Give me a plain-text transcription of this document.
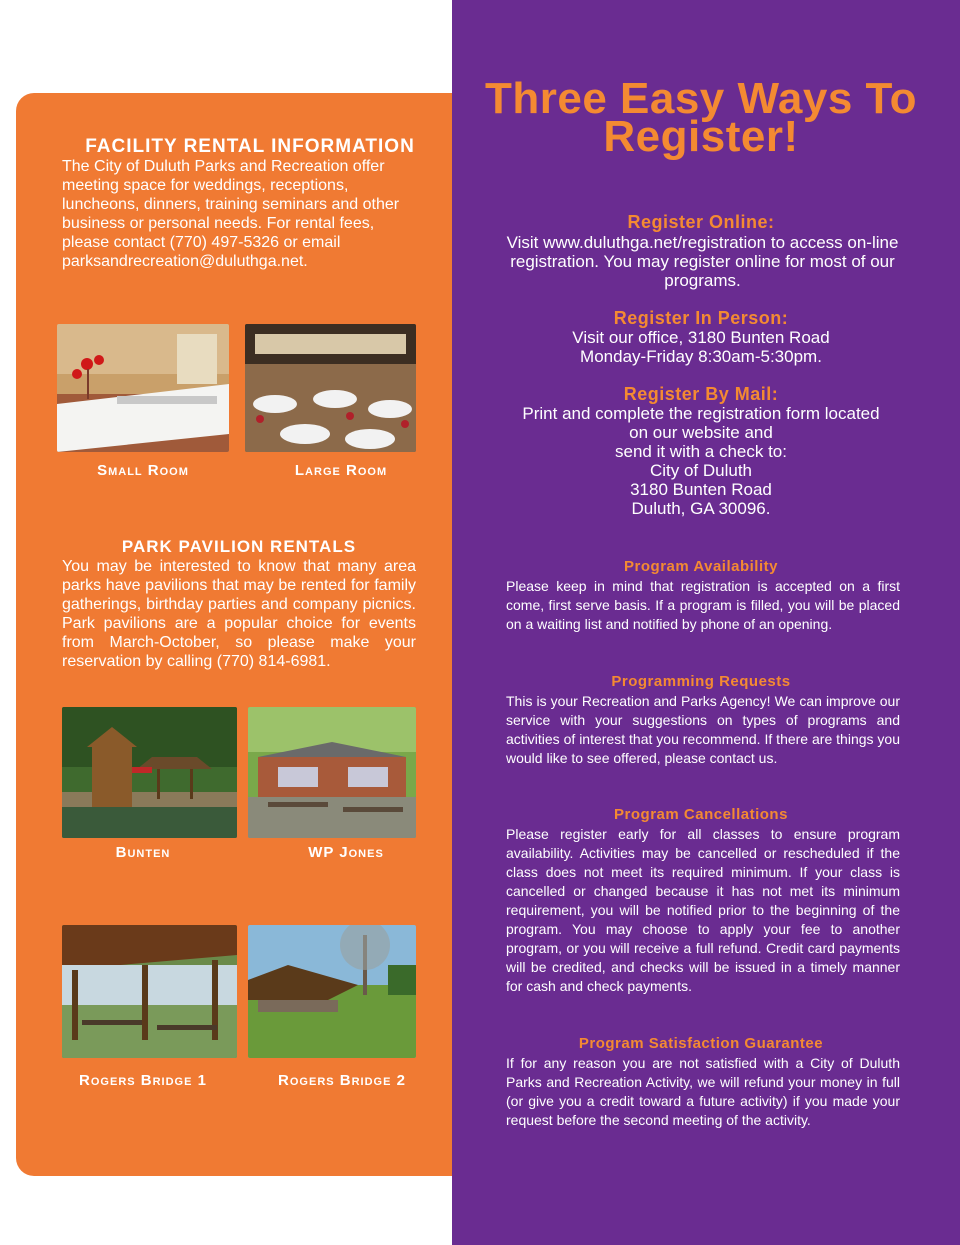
FACILITY RENTAL INFORMATION

The City of Duluth Parks and Recreation offer meeting space for weddings, receptions, luncheons, dinners, training seminars and other business or personal needs. For rental fees, please contact (770) 497-5326 or email parksandrecreation@duluthga.net.

Small Room	Large Room

PARK PAVILION RENTALS

You may be interested to know that many area parks have pavilions that may be rented for family gatherings, birthday parties and company picnics. Park pavilions are a popular choice for events from March-October, so please make your reservation by calling (770) 814-6981.

Bunten	WP Jones

Rogers Bridge 1	Rogers Bridge 2

Three Easy Ways To Register!
Register Online:

Visit www.duluthga.net/registration to access on-line registration. You may register online for most of our programs.

Register In Person:

Visit our office, 3180 Bunten Road

Monday-Friday 8:30am-5:30pm.

Register By Mail:

Print and complete the registration form located

on our website and

send it with a check to:

City of Duluth

3180 Bunten Road

Duluth, GA 30096.

Program Availability

Please keep in mind that registration is accepted on a first come, first serve basis. If a program is filled, you will be placed on a waiting list and notified by phone of an opening.

Programming Requests

This is your Recreation and Parks Agency! We can improve our service with your suggestions on types of programs and activities of interest that you recommend. If there are things you would like to see offered, please contact us.

Program Cancellations

Please register early for all classes to ensure program availability. Activities may be cancelled or rescheduled if the class does not meet its required minimum. If your class is cancelled or changed because it has not met its minimum requirement, you will be notified prior to the beginning of the program. You may choose to apply your fee to another program, or you will receive a full refund. Credit card payments will be credited, and checks will be issued in a timely manner for cash and check payments.

Program Satisfaction Guarantee

If for any reason you are not satisfied with a City of Duluth Parks and Recreation Activity, we will refund your money in full (or give you a credit toward a future activity) if you made your request before the second meeting of the activity.
